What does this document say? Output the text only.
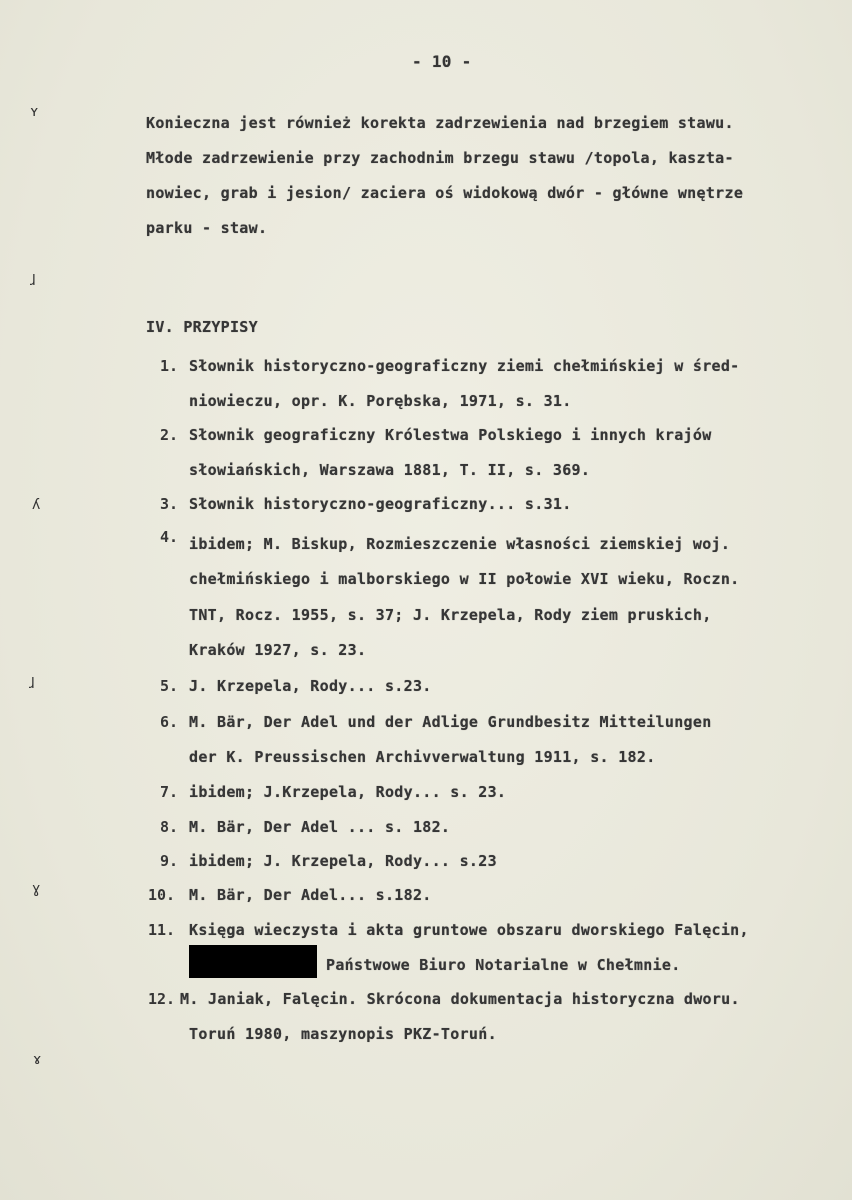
- 10 -
Konieczna jest również korekta zadrzewienia nad brzegiem stawu.
Młode zadrzewienie przy zachodnim brzegu stawu /topola, kasztа-
nowiec, grab i jesion/ zaciera oś widokową dwór - główne wnętrze
parku - staw.
IV. PRZYPISY
1. Słownik historyczno-geograficzny ziemi chełmińskiej w śred-
niowieczu, opr. K. Porębska, 1971, s. 31.
2. Słownik geograficzny Królestwa Polskiego i innych krajów
słowiańskich, Warszawa 1881, T. II, s. 369.
3. Słownik historyczno-geograficzny... s.31.
4. ibidem; M. Biskup, Rozmieszczenie własności ziemskiej woj.
chełmińskiego i malborskiego w II połowie XVI wieku, Roczn.
TNT, Rocz. 1955, s. 37; J. Krzepela, Rody ziem pruskich,
Kraków 1927, s. 23.
5. J. Krzepela, Rody... s.23.
6. M. Bär, Der Adel und der Adlige Grundbesitz Mitteilungen
der K. Preussischen Archivverwaltung 1911, s. 182.
7. ibidem; J.Krzepela, Rody... s. 23.
8. M. Bär, Der Adel ... s. 182.
9. ibidem; J. Krzepela, Rody... s.23
10. M. Bär, Der Adel... s.182.
11. Księga wieczysta i akta gruntowe obszaru dworskiego Falęcin,
Państwowe Biuro Notarialne w Chełmnie.
12. M. Janiak, Falęcin. Skrócona dokumentacja historyczna dworu.
Toruń 1980, maszynopis PKZ-Toruń.
ʏ
ɺ
ʎ
ɺ
ɣ
ɤ
